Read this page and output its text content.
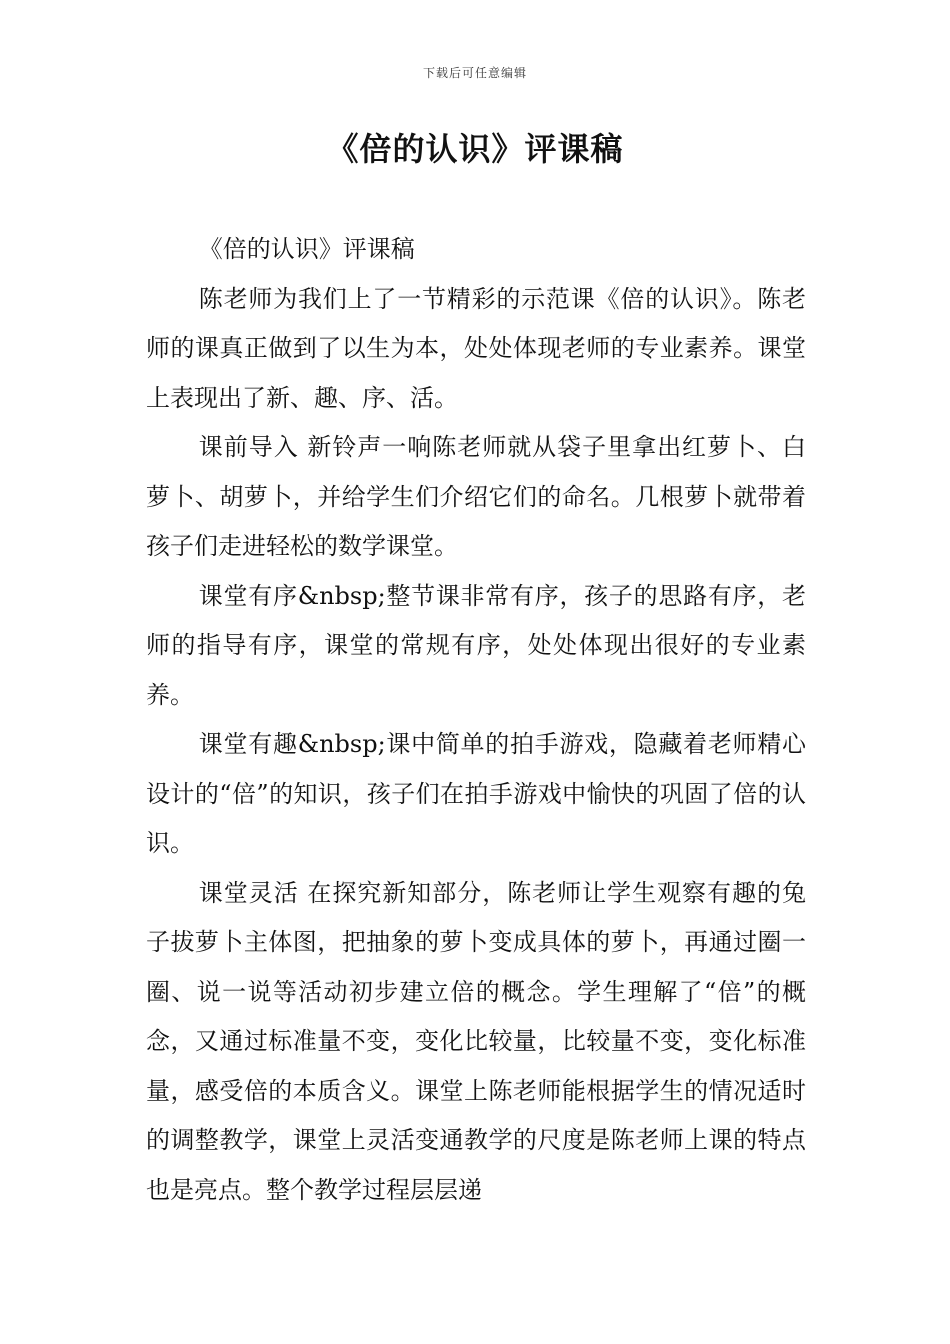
下载后可任意编辑
《倍的认识》评课稿

《倍的认识》评课稿

陈老师为我们上了一节精彩的示范课《倍的认识》。陈老师的课真正做到了以生为本，处处体现老师的专业素养。课堂上表现出了新、趣、序、活。

课前导入 新铃声一响陈老师就从袋子里拿出红萝卜、白萝卜、胡萝卜，并给学生们介绍它们的命名。几根萝卜就带着孩子们走进轻松的数学课堂。

课堂有序&nbsp;整节课非常有序，孩子的思路有序，老师的指导有序，课堂的常规有序，处处体现出很好的专业素养。

课堂有趣&nbsp;课中简单的拍手游戏，隐藏着老师精心设计的“倍”的知识，孩子们在拍手游戏中愉快的巩固了倍的认识。

课堂灵活 在探究新知部分，陈老师让学生观察有趣的兔子拔萝卜主体图，把抽象的萝卜变成具体的萝卜，再通过圈一圈、说一说等活动初步建立倍的概念。学生理解了“倍”的概念，又通过标准量不变，变化比较量，比较量不变，变化标准量，感受倍的本质含义。课堂上陈老师能根据学生的情况适时的调整教学，课堂上灵活变通教学的尺度是陈老师上课的特点也是亮点。整个教学过程层层递
